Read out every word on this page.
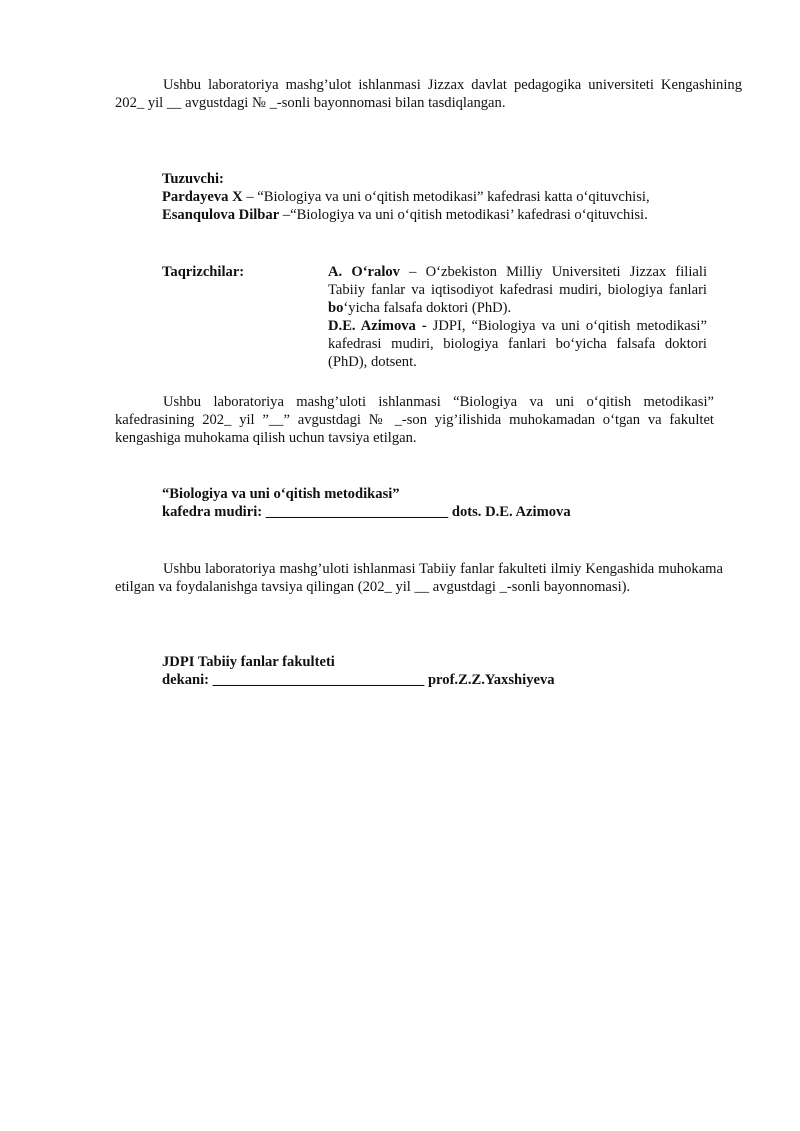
Ushbu laboratoriya mashg’ulot ishlanmasi Jizzax davlat pedagogika universiteti Kengashining 202_ yil __ avgustdagi № _-sonli bayonnomasi bilan tasdiqlangan.

Tuzuvchi:
Pardayeva X – “Biologiya va uni o‘qitish metodikasi” kafedrasi katta o‘qituvchisi,
Esanqulova Dilbar –“Biologiya va uni o‘qitish metodikasi’ kafedrasi o‘qituvchisi.
Taqrizchilar:	A. O‘ralov – O‘zbekiston Milliy Universiteti Jizzax filiali Tabiiy fanlar va iqtisodiyot kafedrasi mudiri, biologiya fanlari bo‘yicha falsafa doktori (PhD).

D.E. Azimova - JDPI, “Biologiya va uni o‘qitish metodikasi” kafedrasi mudiri, biologiya fanlari bo‘yicha falsafa doktori (PhD), dotsent.

Ushbu laboratoriya mashg’uloti ishlanmasi “Biologiya va uni o‘qitish metodikasi” kafedrasining 202_ yil ”__” avgustdagi № _-son yig’ilishida muhokamadan o‘tgan va fakultet kengashiga muhokama qilish uchun tavsiya etilgan.

“Biologiya va uni o‘qitish metodikasi”
kafedra mudiri: _________________________ dots. D.E. Azimova

Ushbu laboratoriya mashg’uloti ishlanmasi Tabiiy fanlar fakulteti ilmiy Kengashida muhokama etilgan va foydalanishga tavsiya qilingan (202_ yil __ avgustdagi _-sonli bayonnomasi).

JDPI Tabiiy fanlar fakulteti
dekani: _____________________________ prof.Z.Z.Yaxshiyeva
